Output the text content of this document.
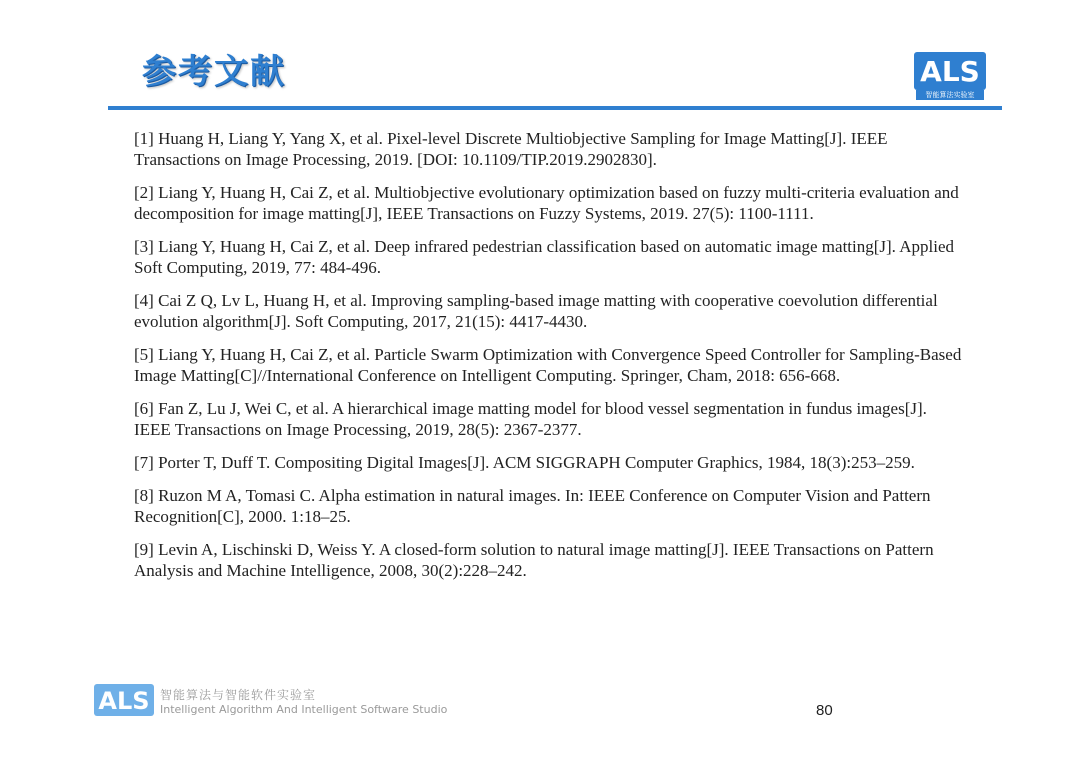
参考文献	ALS
智能算法实验室
[1] Huang H, Liang Y, Yang X, et al. Pixel-level Discrete Multiobjective Sampling for Image Matting[J]. IEEE Transactions on Image Processing, 2019. [DOI: 10.1109/TIP.2019.2902830].
[2] Liang Y, Huang H, Cai Z, et al. Multiobjective evolutionary optimization based on fuzzy multi-criteria evaluation and decomposition for image matting[J], IEEE Transactions on Fuzzy Systems, 2019. 27(5): 1100-1111.
[3] Liang Y, Huang H, Cai Z, et al. Deep infrared pedestrian classification based on automatic image matting[J]. Applied Soft Computing, 2019, 77: 484-496.
[4] Cai Z Q, Lv L, Huang H, et al. Improving sampling-based image matting with cooperative coevolution differential evolution algorithm[J]. Soft Computing, 2017, 21(15): 4417-4430.
[5] Liang Y, Huang H, Cai Z, et al. Particle Swarm Optimization with Convergence Speed Controller for Sampling-Based Image Matting[C]//International Conference on Intelligent Computing. Springer, Cham, 2018: 656-668.
[6] Fan Z, Lu J, Wei C, et al. A hierarchical image matting model for blood vessel segmentation in fundus images[J]. IEEE Transactions on Image Processing, 2019, 28(5): 2367-2377.
[7] Porter T, Duff T. Compositing Digital Images[J]. ACM SIGGRAPH Computer Graphics, 1984, 18(3):253–259.
[8] Ruzon M A, Tomasi C. Alpha estimation in natural images. In: IEEE Conference on Computer Vision and Pattern Recognition[C], 2000. 1:18–25.
[9] Levin A, Lischinski D, Weiss Y. A closed-form solution to natural image matting[J]. IEEE Transactions on Pattern Analysis and Machine Intelligence, 2008, 30(2):228–242.
ALS 智能算法与智能软件实验室
Intelligent Algorithm And Intelligent Software Studio	80
